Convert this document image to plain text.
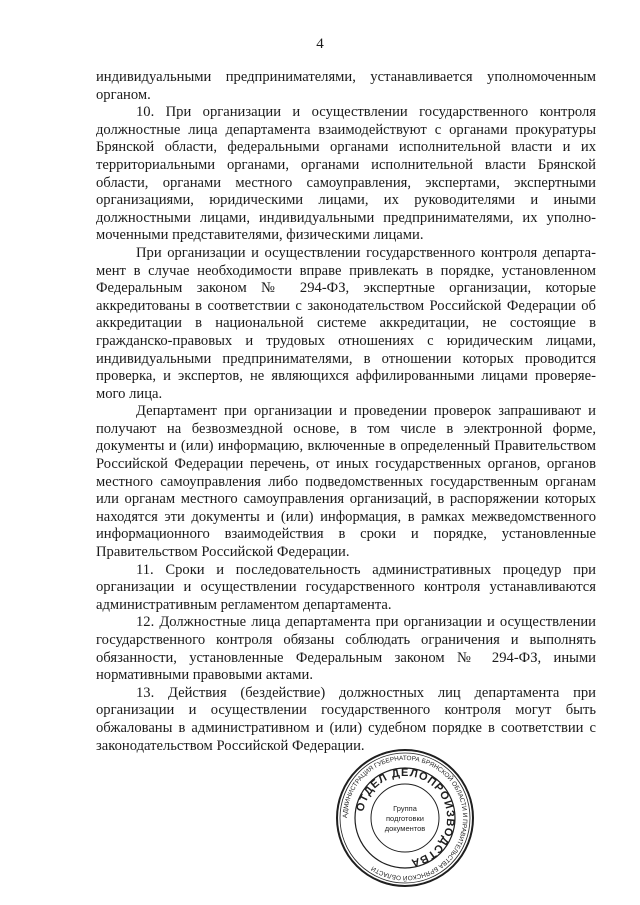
4

индивидуальными предпринимателями, устанавливается уполномоченным органом.

10. При организации и осуществлении государственного контроля должностные лица департамента взаимодействуют с органами прокуратуры Брянской области, федеральными органами исполнительной власти и их территориальными органами, органами исполнительной власти Брянской области, органами местного самоуправления, экспертами, экспертными организациями, юридическими лицами, их руководителями и иными должностными лицами, индивидуальными предпринимателями, их уполномоченными представителями, физическими лицами.

При организации и осуществлении государственного контроля департамент в случае необходимости вправе привлекать в порядке, установленном Федеральным законом № 294-ФЗ, экспертные организации, которые аккредитованы в соответствии с законодательством Российской Федерации об аккредитации в национальной системе аккредитации, не состоящие в гражданско-правовых и трудовых отношениях с юридическим лицами, индивидуальными предпринимателями, в отношении которых проводится проверка, и экспертов, не являющихся аффилированными лицами проверяемого лица.

Департамент при организации и проведении проверок запрашивают и получают на безвозмездной основе, в том числе в электронной форме, документы и (или) информацию, включенные в определенный Правительством Российской Федерации перечень, от иных государственных органов, органов местного самоуправления либо подведомственных государственным органам или органам местного самоуправления организаций, в распоряжении которых находятся эти документы и (или) информация, в рамках межведомственного информационного взаимодействия в сроки и порядке, установленные Правительством Российской Федерации.

11. Сроки и последовательность административных процедур при организации и осуществлении государственного контроля устанавливаются административным регламентом департамента.

12. Должностные лица департамента при организации и осуществлении государственного контроля обязаны соблюдать ограничения и выполнять обязанности, установленные Федеральным законом № 294-ФЗ, иными нормативными правовыми актами.

13. Действия (бездействие) должностных лиц департамента при организации и осуществлении государственного контроля могут быть обжалованы в административном и (или) судебном порядке в соответствии с законодательством Российской Федерации.

АДМИНИСТРАЦИЯ ГУБЕРНАТОРА БРЯНСКОЙ ОБЛАСТИ И ПРАВИТЕЛЬСТВА БРЯНСКОЙ ОБЛАСТИ
ОТДЕЛ ДЕЛОПРОИЗВОДСТВА
Группа
подготовки
документов
